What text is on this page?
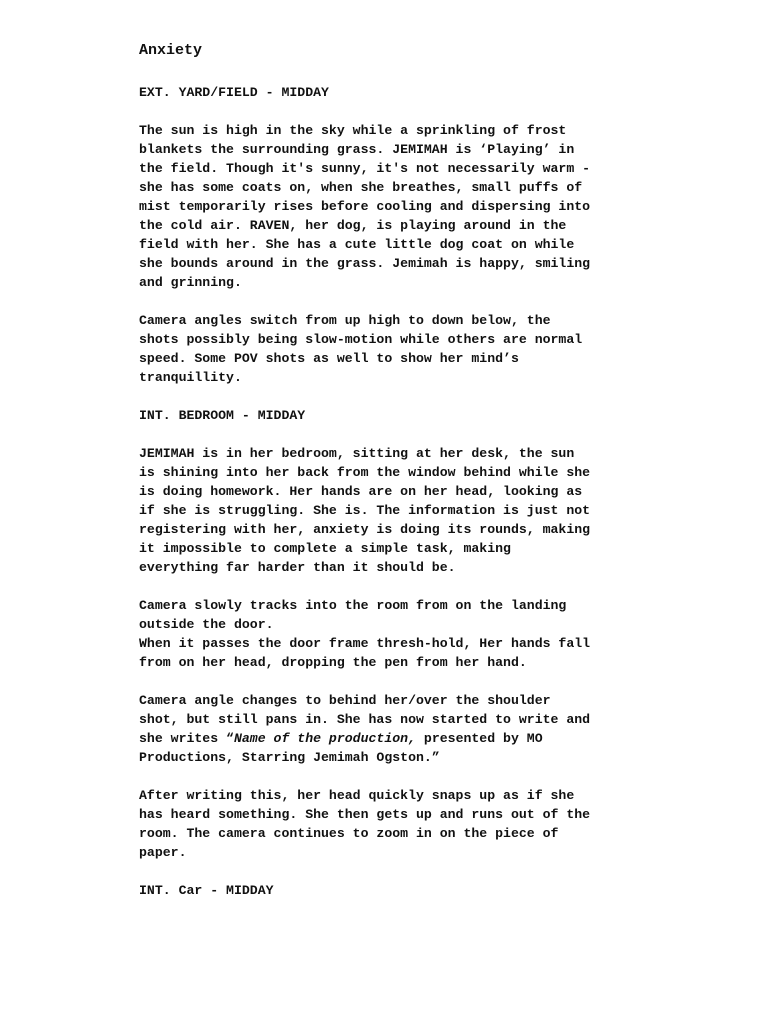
Anxiety
EXT. YARD/FIELD - MIDDAY
The sun is high in the sky while a sprinkling of frost
blankets the surrounding grass. JEMIMAH is ‘Playing’ in
the field. Though it's sunny, it's not necessarily warm -
she has some coats on, when she breathes, small puffs of
mist temporarily rises before cooling and dispersing into
the cold air. RAVEN, her dog, is playing around in the
field with her. She has a cute little dog coat on while
she bounds around in the grass. Jemimah is happy, smiling
and grinning.
Camera angles switch from up high to down below, the
shots possibly being slow-motion while others are normal
speed. Some POV shots as well to show her mind’s
tranquillity.
INT. BEDROOM - MIDDAY
JEMIMAH is in her bedroom, sitting at her desk, the sun
is shining into her back from the window behind while she
is doing homework. Her hands are on her head, looking as
if she is struggling. She is. The information is just not
registering with her, anxiety is doing its rounds, making
it impossible to complete a simple task, making
everything far harder than it should be.
Camera slowly tracks into the room from on the landing
outside the door.
When it passes the door frame thresh-hold, Her hands fall
from on her head, dropping the pen from her hand.
Camera angle changes to behind her/over the shoulder
shot, but still pans in. She has now started to write and
she writes “Name of the production, presented by MO
Productions, Starring Jemimah Ogston.”
After writing this, her head quickly snaps up as if she
has heard something. She then gets up and runs out of the
room. The camera continues to zoom in on the piece of
paper.
INT. Car - MIDDAY
